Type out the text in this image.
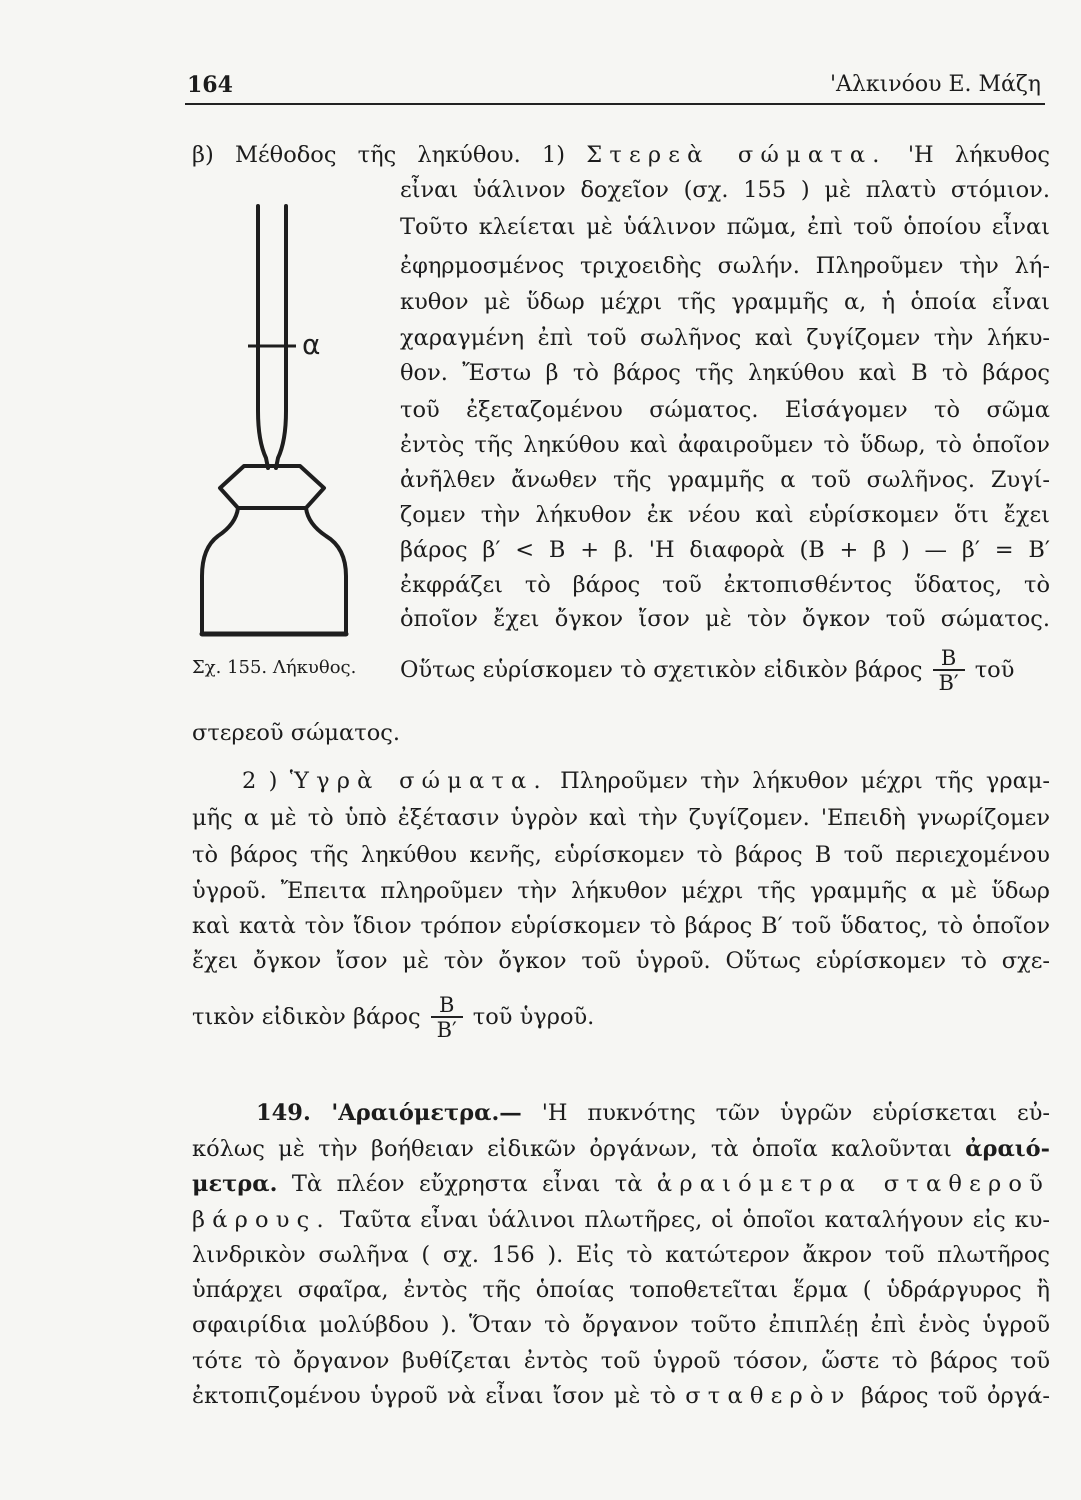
164	'Αλκινόου Ε. Μάζη
α
Σχ. 155. Λήκυθος.
β) Μέθοδος τῆς ληκύθου. 1) Στερεὰ σώματα. 'Η λήκυθος
εἶναι ὑάλινον δοχεῖον (σχ. 155 ) μὲ πλατὺ στόμιον.
Τοῦτο κλείεται μὲ ὑάλινον πῶμα, ἐπὶ τοῦ ὁποίου εἶναι
ἐφηρμοσμένος τριχοειδὴς σωλήν. Πληροῦμεν τὴν λή-
κυθον μὲ ὕδωρ μέχρι τῆς γραμμῆς α, ἡ ὁποία εἶναι
χαραγμένη ἐπὶ τοῦ σωλῆνος καὶ ζυγίζομεν τὴν λήκυ-
θον. Ἔστω β τὸ βάρος τῆς ληκύθου καὶ Β τὸ βάρος
τοῦ ἐξεταζομένου σώματος. Εἰσάγομεν τὸ σῶμα
ἐντὸς τῆς ληκύθου καὶ ἀφαιροῦμεν τὸ ὕδωρ, τὸ ὁποῖον
ἀνῆλθεν ἄνωθεν τῆς γραμμῆς α τοῦ σωλῆνος. Ζυγί-
ζομεν τὴν λήκυθον ἐκ νέου καὶ εὑρίσκομεν ὅτι ἔχει
βάρος β′ < Β + β. 'Η διαφορὰ (Β + β ) — β′ = Β′
ἐκφράζει τὸ βάρος τοῦ ἐκτοπισθέντος ὕδατος, τὸ
ὁποῖον ἔχει ὄγκον ἴσον μὲ τὸν ὄγκον τοῦ σώματος.
Οὕτως εὑρίσκομεν τὸ σχετικὸν εἰδικὸν βάρος $\frac{B}{B'}$ τοῦ
στερεοῦ σώματος.
2 ) Ὑγρὰ σώματα. Πληροῦμεν τὴν λήκυθον μέχρι τῆς γραμ-
μῆς α μὲ τὸ ὑπὸ ἐξέτασιν ὑγρὸν καὶ τὴν ζυγίζομεν. 'Επειδὴ γνωρίζομεν
τὸ βάρος τῆς ληκύθου κενῆς, εὑρίσκομεν τὸ βάρος Β τοῦ περιεχομένου
ὑγροῦ. Ἔπειτα πληροῦμεν τὴν λήκυθον μέχρι τῆς γραμμῆς α μὲ ὕδωρ
καὶ κατὰ τὸν ἴδιον τρόπον εὑρίσκομεν τὸ βάρος Β′ τοῦ ὕδατος, τὸ ὁποῖον
ἔχει ὄγκον ἴσον μὲ τὸν ὄγκον τοῦ ὑγροῦ. Οὕτως εὑρίσκομεν τὸ σχε-
τικὸν εἰδικὸν βάρος $\frac{B}{B'}$ τοῦ ὑγροῦ.
149. 'Αραιόμετρα.— 'Η πυκνότης τῶν ὑγρῶν εὑρίσκεται εὐ-
κόλως μὲ τὴν βοήθειαν εἰδικῶν ὀργάνων, τὰ ὁποῖα καλοῦνται ἀραιό-
μετρα. Τὰ πλέον εὔχρηστα εἶναι τὰ ἀραιόμετρα σταθεροῦ
βάρους. Ταῦτα εἶναι ὑάλινοι πλωτῆρες, οἱ ὁποῖοι καταλήγουν εἰς κυ-
λινδρικὸν σωλῆνα ( σχ. 156 ). Εἰς τὸ κατώτερον ἄκρον τοῦ πλωτῆρος
ὑπάρχει σφαῖρα, ἐντὸς τῆς ὁποίας τοποθετεῖται ἕρμα ( ὑδράργυρος ἢ
σφαιρίδια μολύβδου ). Ὅταν τὸ ὄργανον τοῦτο ἐπιπλέῃ ἐπὶ ἑνὸς ὑγροῦ
τότε τὸ ὄργανον βυθίζεται ἐντὸς τοῦ ὑγροῦ τόσον, ὥστε τὸ βάρος τοῦ
ἐκτοπιζομένου ὑγροῦ νὰ εἶναι ἴσον μὲ τὸ σταθερὸν βάρος τοῦ ὀργά-
